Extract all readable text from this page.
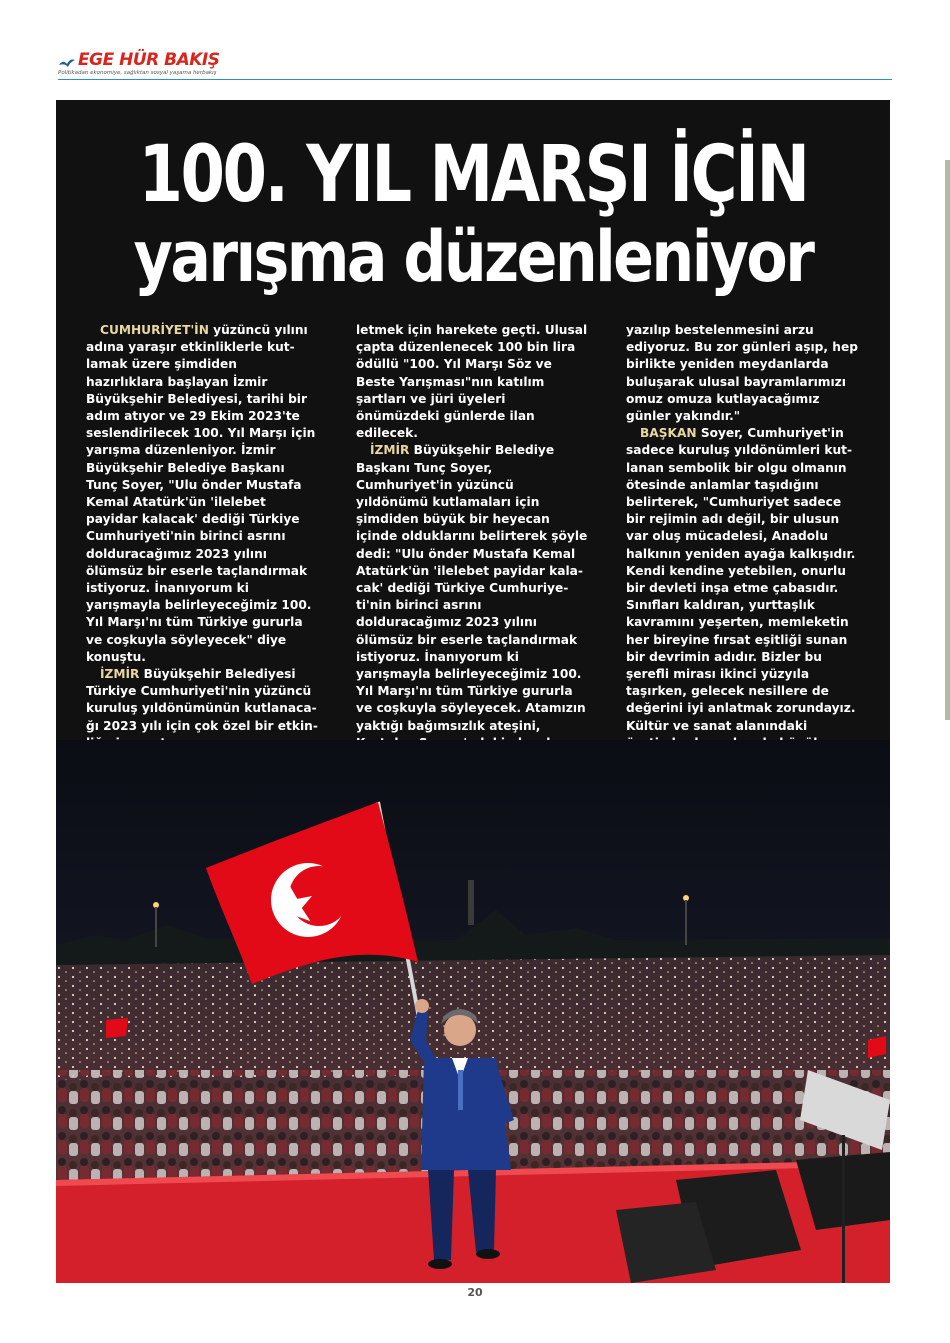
EGE HÜR BAKIŞ
Politikadan ekonomiye, sağlıktan sosyal yaşama herbakış
100. YIL MARŞI İÇİN
yarışma düzenleniyor

CUMHURİYET'İN yüzüncü yılını adına yaraşır etkinliklerle kutlamak üzere şimdiden hazırlıklara başlayan İzmir Büyükşehir Belediyesi, tarihi bir adım atıyor ve 29 Ekim 2023'te seslendirilecek 100. Yıl Marşı için yarışma düzenleniyor. İzmir Büyükşehir Belediye Başkanı Tunç Soyer, "Ulu önder Mustafa Kemal Atatürk'ün 'ilelebet payidar kalacak' dediği Türkiye Cumhuriyeti'nin birinci asrını dolduracağımız 2023 yılını ölümsüz bir eserle taçlandırmak istiyoruz. İnanıyorum ki yarışmayla belirleyeceğimiz 100. Yıl Marşı'nı tüm Türkiye gururla ve coşkuyla söyleyecek" diye konuştu.

İZMİR Büyükşehir Belediyesi Türkiye Cumhuriyeti'nin yüzüncü kuruluş yıldönümünün kutlanacağı 2023 yılı için çok özel bir etkin

letmek için harekete geçti. Ulusal çapta düzenlenecek 100 bin lira ödüllü "100. Yıl Marşı Söz ve Beste Yarışması"nın katılım şartları ve jüri üyeleri önümüzdeki günlerde ilan edilecek.

İZMİR Büyükşehir Belediye Başkanı Tunç Soyer, Cumhuriyet'in yüzüncü yıldönümü kutlamaları için şimdiden büyük bir heyecan içinde olduklarını belirterek şöyle dedi: "Ulu önder Mustafa Kemal Atatürk'ün 'ilelebet payidar kalacak' dediği Türkiye Cumhuriyeti'nin birinci asrını dolduracağımız 2023 yılını ölümsüz bir eserle taçlandırmak istiyoruz. İnanıyorum ki yarışmayla belirleyeceğimiz 100. Yıl Marşı'nı tüm Türkiye gururla ve coşkuyla söyleyecek. Atamızın yaktığı bağımsızlık ateşini,

yazılıp bestelenmesini arzu ediyoruz. Bu zor günleri aşıp, hep birlikte yeniden meydanlarda buluşarak ulusal bayramlarımızı omuz omuza kutlayacağımız günler yakındır."

BAŞKAN Soyer, Cumhuriyet'in sadece kuruluş yıldönümleri kutlanan sembolik bir olgu olmanın ötesinde anlamlar taşıdığını belirterek, "Cumhuriyet sadece bir rejimin adı değil, bir ulusun var oluş mücadelesi, Anadolu halkının yeniden ayağa kalkışıdır. Kendi kendine yetebilen, onurlu bir devleti inşa etme çabasıdır. Sınıfları kaldıran, yurttaşlık kavramını yeşerten, memleketin her bireyine fırsat eşitliği sunan bir devrimin adıdır. Bizler bu şerefli mirası ikinci yüzyıla taşırken, gelecek nesillere de değerini iyi anlatmak zorundayız. Kültür ve sanat alanındaki

20
